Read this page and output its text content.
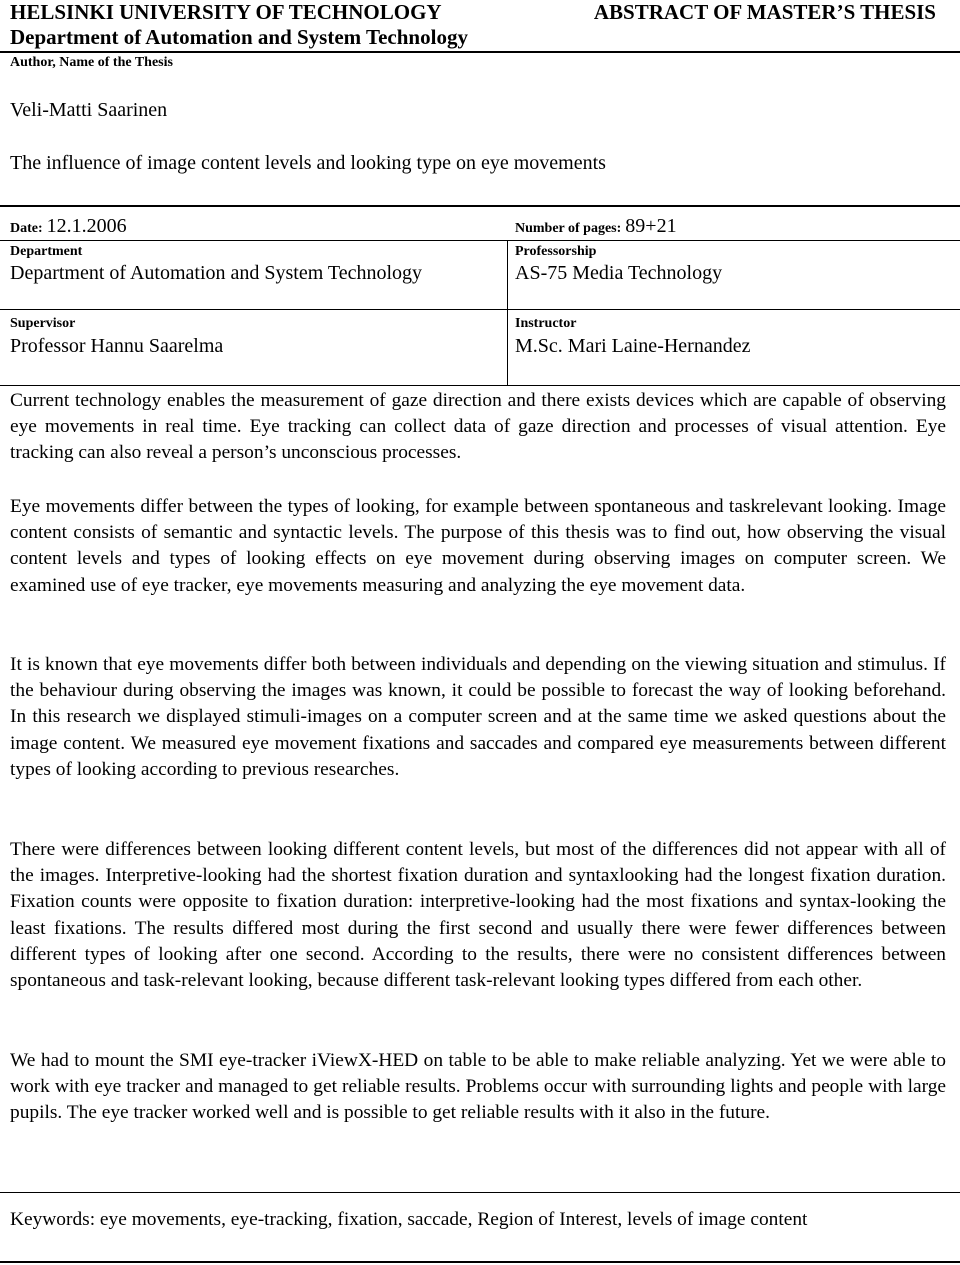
HELSINKI UNIVERSITY OF TECHNOLOGY	ABSTRACT OF MASTER’S THESIS
Department of Automation and System Technology
Author, Name of the Thesis
Veli-Matti Saarinen
The influence of image content levels and looking type on eye movements
Date: 12.1.2006	Number of pages: 89+21
Department
Department of Automation and System Technology
Professorship
AS-75 Media Technology
Supervisor
Professor Hannu Saarelma
Instructor
M.Sc. Mari Laine-Hernandez

Current technology enables the measurement of gaze direction and there exists devices which are capable of observing eye movements in real time. Eye tracking can collect data of gaze direction and processes of visual attention. Eye tracking can also reveal a person’s unconscious processes.

Eye movements differ between the types of looking, for example between spontaneous and taskrelevant looking. Image content consists of semantic and syntactic levels. The purpose of this thesis was to find out, how observing the visual content levels and types of looking effects on eye movement during observing images on computer screen. We examined use of eye tracker, eye movements measuring and analyzing the eye movement data.

It is known that eye movements differ both between individuals and depending on the viewing situation and stimulus. If the behaviour during observing the images was known, it could be possible to forecast the way of looking beforehand. In this research we displayed stimuli-images on a computer screen and at the same time we asked questions about the image content. We measured eye movement fixations and saccades and compared eye measurements between different types of looking according to previous researches.

There were differences between looking different content levels, but most of the differences did not appear with all of the images. Interpretive-looking had the shortest fixation duration and syntaxlooking had the longest fixation duration. Fixation counts were opposite to fixation duration: interpretive-looking had the most fixations and syntax-looking the least fixations. The results differed most during the first second and usually there were fewer differences between different types of looking after one second. According to the results, there were no consistent differences between spontaneous and task-relevant looking, because different task-relevant looking types differed from each other.

We had to mount the SMI eye-tracker iViewX-HED on table to be able to make reliable analyzing. Yet we were able to work with eye tracker and managed to get reliable results. Problems occur with surrounding lights and people with large pupils. The eye tracker worked well and is possible to get reliable results with it also in the future.

Keywords: eye movements, eye-tracking, fixation, saccade, Region of Interest, levels of image content
